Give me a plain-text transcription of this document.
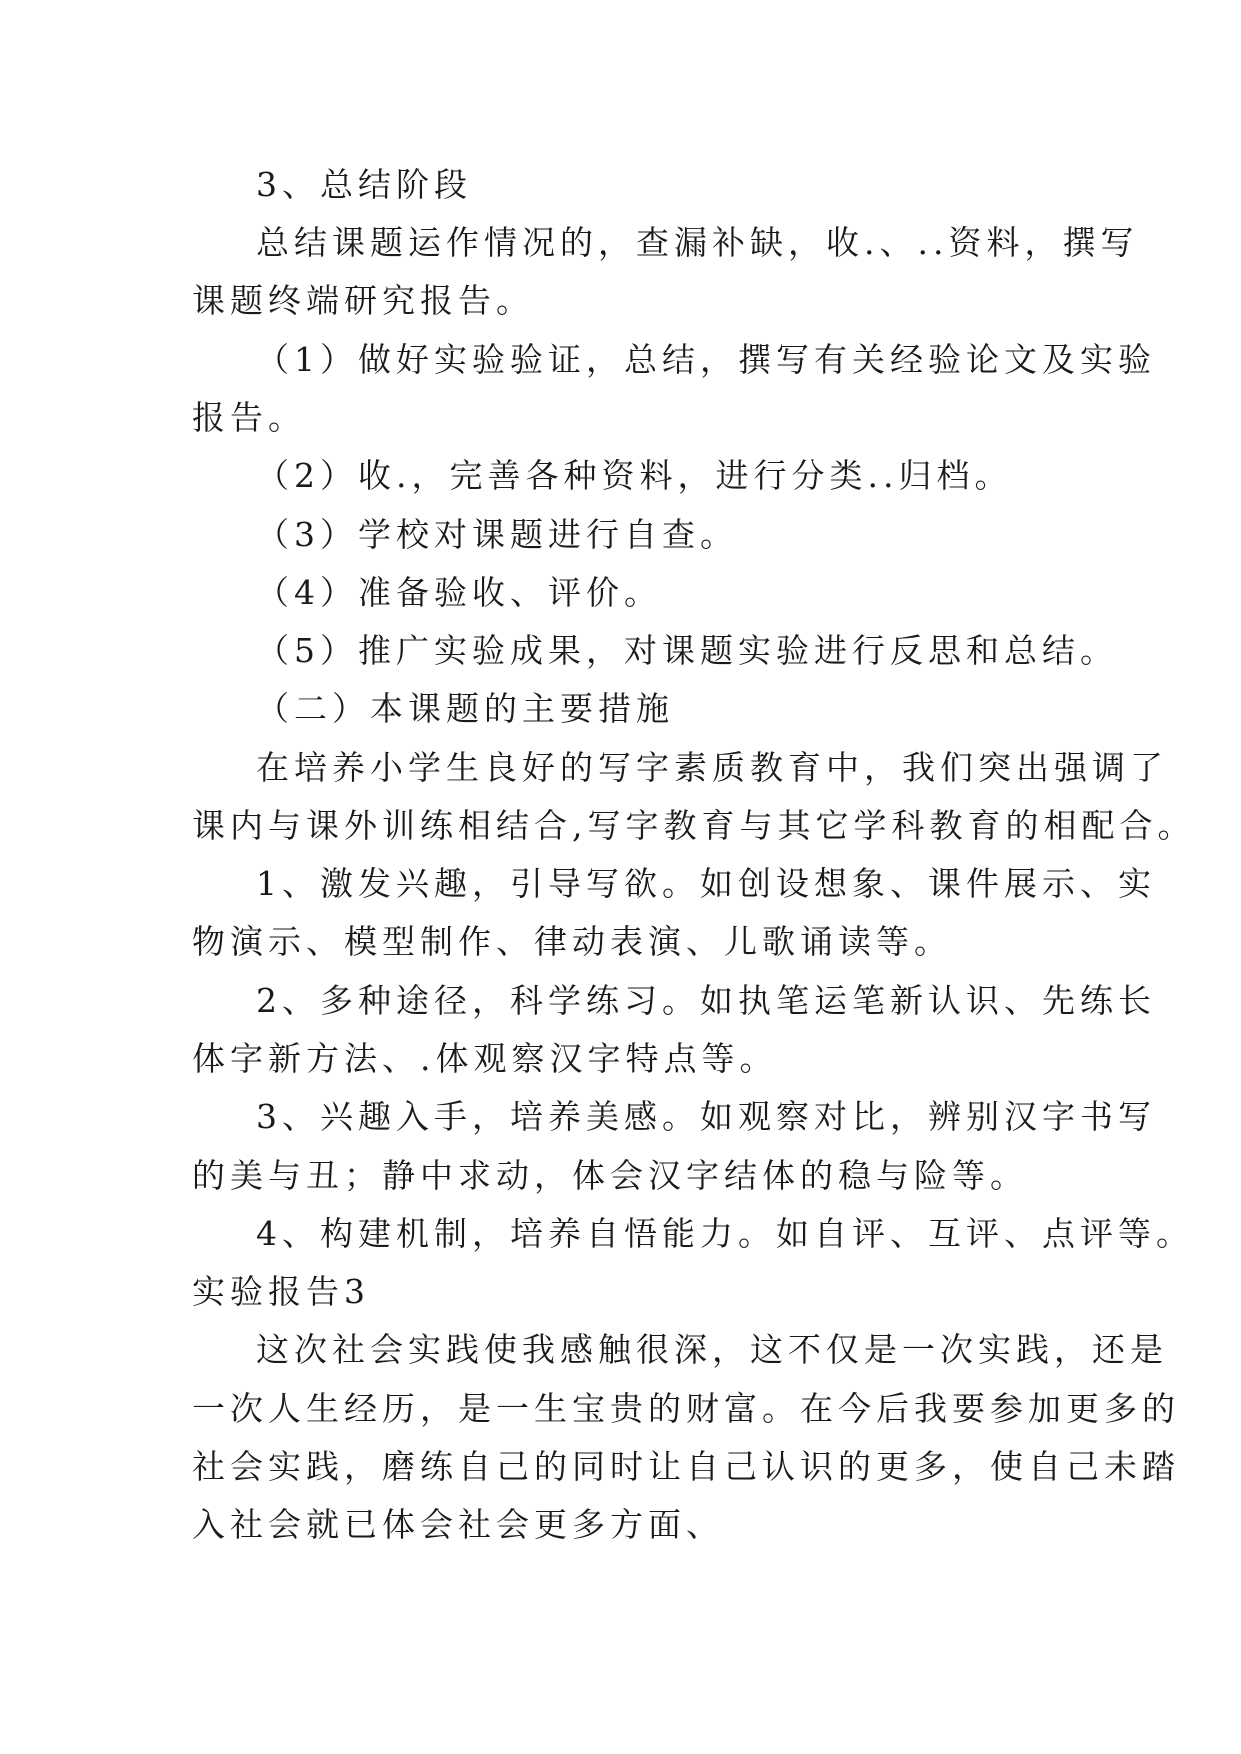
3、总结阶段
总结课题运作情况的，查漏补缺，收.、..资料，撰写
课题终端研究报告。
（1）做好实验验证，总结，撰写有关经验论文及实验
报告。
（2）收.，完善各种资料，进行分类..归档。
（3）学校对课题进行自查。
（4）准备验收、评价。
（5）推广实验成果，对课题实验进行反思和总结。
（二）本课题的主要措施
在培养小学生良好的写字素质教育中，我们突出强调了
课内与课外训练相结合,写字教育与其它学科教育的相配合。
1、激发兴趣，引导写欲。如创设想象、课件展示、实
物演示、模型制作、律动表演、儿歌诵读等。
2、多种途径，科学练习。如执笔运笔新认识、先练长
体字新方法、.体观察汉字特点等。
3、兴趣入手，培养美感。如观察对比，辨别汉字书写
的美与丑；静中求动，体会汉字结体的稳与险等。
4、构建机制，培养自悟能力。如自评、互评、点评等。
实验报告3
这次社会实践使我感触很深，这不仅是一次实践，还是
一次人生经历，是一生宝贵的财富。在今后我要参加更多的
社会实践，磨练自己的同时让自己认识的更多，使自己未踏
入社会就已体会社会更多方面、
